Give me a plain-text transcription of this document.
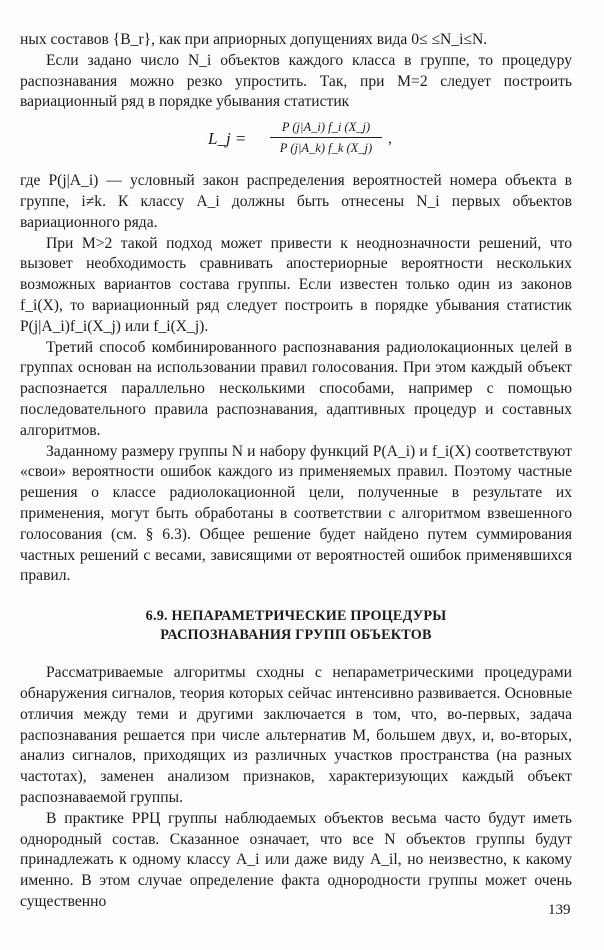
ных составов {B_r}, как при априорных допущениях вида 0≤ ≤N_i≤N.

Если задано число N_i объектов каждого класса в группе, то процедуру распознавания можно резко упростить. Так, при M=2 следует построить вариационный ряд в порядке убывания статистик

L_j = $\frac{P (j|A\_i) f\_i (X\_j)}{P (j|A\_k) f\_k (X\_j)}$ ,

где P(j|A_i) — условный закон распределения вероятностей номера объекта в группе, i≠k. К классу A_i должны быть отнесены N_i первых объектов вариационного ряда.

При M>2 такой подход может привести к неоднозначности решений, что вызовет необходимость сравнивать апостериорные вероятности нескольких возможных вариантов состава группы. Если известен только один из законов f_i(X), то вариационный ряд следует построить в порядке убывания статистик P(j|A_i)f_i(X_j) или f_i(X_j).

Третий способ комбинированного распознавания радиолокационных целей в группах основан на использовании правил голосования. При этом каждый объект распознается параллельно несколькими способами, например с помощью последовательного правила распознавания, адаптивных процедур и составных алгоритмов.

Заданному размеру группы N и набору функций P(A_i) и f_i(X) соответствуют «свои» вероятности ошибок каждого из применяемых правил. Поэтому частные решения о классе радиолокационной цели, полученные в результате их применения, могут быть обработаны в соответствии с алгоритмом взвешенного голосования (см. § 6.3). Общее решение будет найдено путем суммирования частных решений с весами, зависящими от вероятностей ошибок применявшихся правил.

6.9. НЕПАРАМЕТРИЧЕСКИЕ ПРОЦЕДУРЫ
РАСПОЗНАВАНИЯ ГРУПП ОБЪЕКТОВ

Рассматриваемые алгоритмы сходны с непараметрическими процедурами обнаружения сигналов, теория которых сейчас интенсивно развивается. Основные отличия между теми и другими заключается в том, что, во-первых, задача распознавания решается при числе альтернатив M, большем двух, и, во-вторых, анализ сигналов, приходящих из различных участков пространства (на разных частотах), заменен анализом признаков, характеризующих каждый объект распознаваемой группы.

В практике РРЦ группы наблюдаемых объектов весьма часто будут иметь однородный состав. Сказанное означает, что все N объектов группы будут принадлежать к одному классу A_i или даже виду A_il, но неизвестно, к какому именно. В этом случае определение факта однородности группы может очень существенно

139
